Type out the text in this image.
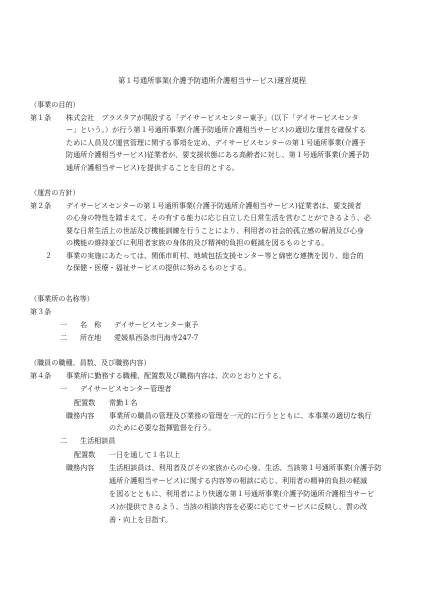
第１号通所事業(介護予防通所介護相当サービス)運営規程
（事業の目的）
第１条 株式会社　プラスタアが開設する「デイサービスセンター東予」（以下「デイサービスセンタ
ー」という。）が行う第１号通所事業(介護予防通所介護相当サービス)の適切な運営を確保する
ために人員及び運営管理に関する事項を定め、デイサービスセンターの第１号通所事業(介護予
防通所介護相当サービス)従業者が、要支援状態にある高齢者に対し、第１号通所事業(介護予防
通所介護相当サービス)を提供することを目的とする。
（運営の方針）
第２条 デイサービスセンターの第１号通所事業(介護予防通所介護相当サービス)従業者は、要支援者
の心身の特性を踏まえて、その有する能力に応じ自立した日常生活を営むことができるよう、必
要な日常生活上の世話及び機能訓練を行うことにより、利用者の社会的孤立感の解消及び心身
の機能の維持並びに利用者家族の身体的及び精神的負担の軽減を図るものとする。
２ 事業の実施にあたっては、関係市町村、地域包括支援センター等と綿密な連携を図り、総合的
な保健・医療・福祉サービスの提供に努めるものとする。
（事業所の名称等）
第３条
一 名　称 デイサービスセンター東予
二 所在地 愛媛県西条市円海寺247-7
（職員の職種、員数、及び職務内容）
第４条 事業所に勤務する職種、配置数及び職務内容は、次のとおりとする。
一 デイサービスセンター管理者
配置数 常勤１名
職務内容 事業所の職員の管理及び業務の管理を一元的に行うとともに、本事業の適切な執行
のために必要な指揮監督を行う。
二 生活相談員
配置数 一日を通して１名以上
職務内容 生活相談員は、利用者及びその家族からの心身、生活、当該第１号通所事業(介護予防
通所介護相当サービス)に関する内容等の相談に応じ、利用者の精神的負担の軽減
を図るとともに、利用者により快適な第１号通所事業(介護予防通所介護相当サービ
ス)が提供できるよう、当該の相談内容を必要に応じてサービスに反映し、質の改
善・向上を目指す。
